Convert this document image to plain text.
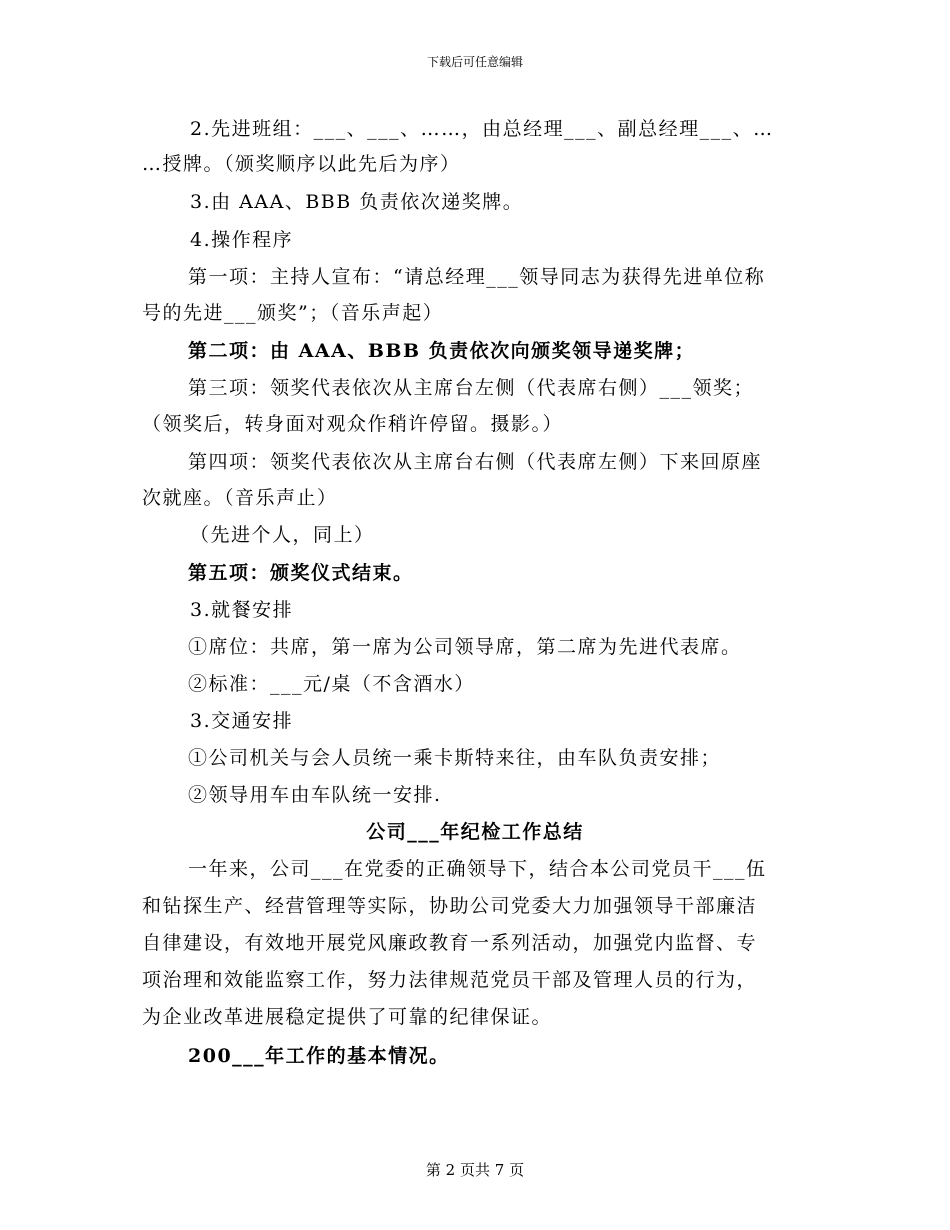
下载后可任意编辑
2.先进班组：___、___、……，由总经理___、副总经理___、…
…授牌。（颁奖顺序以此先后为序）
3.由 AAA、BBB 负责依次递奖牌。
4.操作程序
第一项：主持人宣布：“请总经理___领导同志为获得先进单位称
号的先进___颁奖”；（音乐声起）
第二项：由 AAA、BBB 负责依次向颁奖领导递奖牌；
第三项：领奖代表依次从主席台左侧（代表席右侧）___领奖；
（领奖后，转身面对观众作稍许停留。摄影。）
第四项：领奖代表依次从主席台右侧（代表席左侧）下来回原座
次就座。（音乐声止）
（先进个人，同上）
第五项：颁奖仪式结束。
3.就餐安排
①席位：共席，第一席为公司领导席，第二席为先进代表席。
②标准：___元/桌（不含酒水）
3.交通安排
①公司机关与会人员统一乘卡斯特来往，由车队负责安排；
②领导用车由车队统一安排.
公司___年纪检工作总结
一年来，公司___在党委的正确领导下，结合本公司党员干___伍
和钻探生产、经营管理等实际，协助公司党委大力加强领导干部廉洁
自律建设，有效地开展党风廉政教育一系列活动，加强党内监督、专
项治理和效能监察工作，努力法律规范党员干部及管理人员的行为，
为企业改革进展稳定提供了可靠的纪律保证。
200___年工作的基本情况。
第 2 页共 7 页
